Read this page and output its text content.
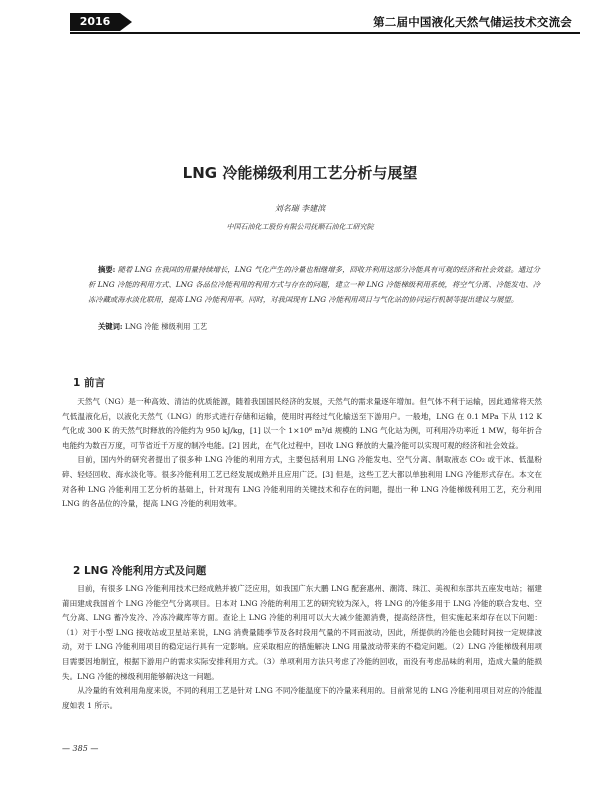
2016	第二届中国液化天然气储运技术交流会
LNG 冷能梯级利用工艺分析与展望
刘名瑞 李建滨
中国石油化工股份有限公司抚顺石油化工研究院
摘要: 随着 LNG 在我国的用量持续增长，LNG 气化产生的冷量也相继增多，回收并利用这部分冷能具有可观的经济和社会效益。通过分析 LNG 冷能的利用方式、LNG 各品位冷能利用的利用方式与存在的问题，建立一种 LNG 冷能梯级利用系统，将空气分离、冷能发电、冷冻冷藏或海水淡化联用，提高 LNG 冷能利用率。同时，对我国现有 LNG 冷能利用项目与气化站的协同运行机制等提出建议与展望。
关键词: LNG 冷能 梯级利用 工艺
1 前言

天然气（NG）是一种高效、清洁的优质能源，随着我国国民经济的发展，天然气的需求量逐年增加。但气体不利于运输，因此通常将天然气低温液化后，以液化天然气（LNG）的形式进行存储和运输，使用时再经过气化输送至下游用户。一般地，LNG 在 0.1 MPa 下从 112 K 气化成 300 K 的天然气时释放的冷能约为 950 kJ/kg，[1] 以一个 1×10⁶ m³/d 规模的 LNG 气化站为例，可利用冷功率近 1 MW，每年折合电能约为数百万度，可节省近千万度的制冷电能。[2] 因此，在气化过程中，回收 LNG 释放的大量冷能可以实现可观的经济和社会效益。

目前，国内外的研究者提出了很多种 LNG 冷能的利用方式，主要包括利用 LNG 冷能发电、空气分离、制取液态 CO₂ 或干冰、低温粉碎、轻烃回收、海水淡化等。很多冷能利用工艺已经发展成熟并且应用广泛。[3] 但是，这些工艺大都以单独利用 LNG 冷能形式存在。本文在对各种 LNG 冷能利用工艺分析的基础上，针对现有 LNG 冷能利用的关键技术和存在的问题，提出一种 LNG 冷能梯级利用工艺，充分利用 LNG 的各品位的冷量，提高 LNG 冷能的利用效率。

2 LNG 冷能利用方式及问题

目前，有很多 LNG 冷能利用技术已经成熟并被广泛应用，如我国广东大鹏 LNG 配套惠州、潮湾、珠江、美视和东部共五座发电站；福建莆田建成我国首个 LNG 冷能空气分离项目。日本对 LNG 冷能的利用工艺的研究较为深入，将 LNG 的冷能多用于 LNG 冷能的联合发电、空气分离、LNG 蓄冷发冷、冷冻冷藏库等方面。查论上 LNG 冷能的利用可以大大减少能源消费，提高经济性，但实施起来却存在以下问题：（1）对于小型 LNG 接收站或卫星站来说，LNG 消费量随季节及各时段用气量的不同而波动，因此，所提供的冷能也会随时间按一定规律波动，对于 LNG 冷能利用项目的稳定运行具有一定影响。应采取相应的措施解决 LNG 用量波动带来的不稳定问题。（2）LNG 冷能梯级利用项目需要因地制宜，根据下游用户的需求实际安排利用方式。（3）单项利用方法只考虑了冷能的回收，而没有考虑品味的利用，造成大量的能损失。LNG 冷能的梯级利用能够解决这一问题。

从冷量的有效利用角度来说，不同的利用工艺是针对 LNG 不同冷能温度下的冷量来利用的。目前常见的 LNG 冷能利用项目对应的冷能温度如表 1 所示。

— 385 —
